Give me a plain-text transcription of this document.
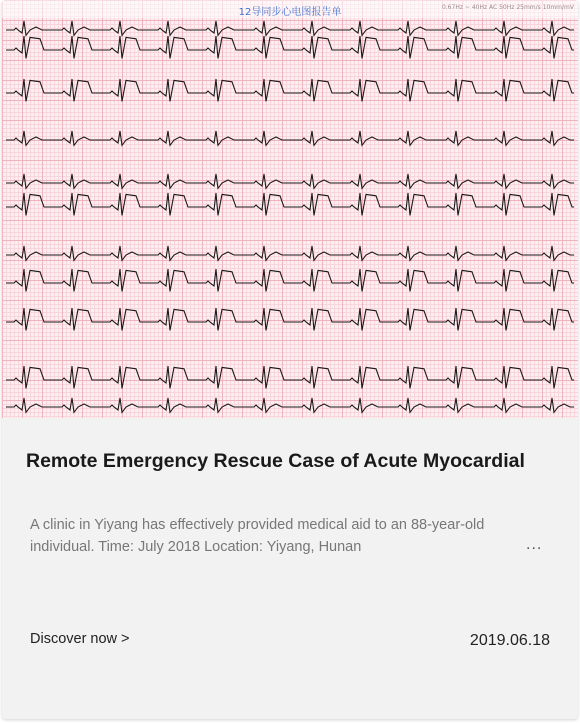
12导同步心电图报告单	0.67Hz ~ 40Hz AC 50Hz 25mm/s 10mm/mV
Remote Emergency Rescue Case of Acute Myocardial
A clinic in Yiyang has effectively provided medical aid to an 88-year-old individual. Time: July 2018 Location: Yiyang, Hunan	...
Discover now >	2019.06.18
